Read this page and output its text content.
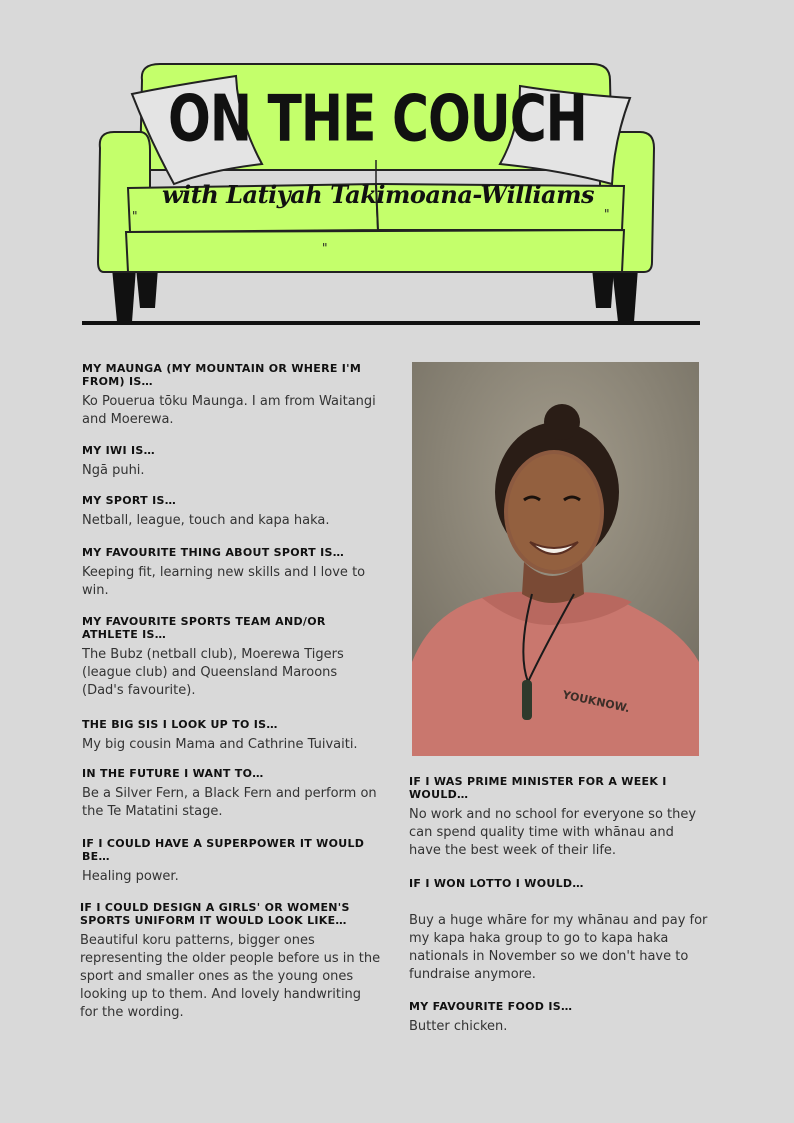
"	"
"
ON THE COUCH
with Latiyah Takimoana-Williams

MY MAUNGA (MY MOUNTAIN OR WHERE I'M FROM) IS…

Ko Pouerua tōku Maunga. I am from Waitangi and Moerewa.

MY IWI IS…

Ngā puhi.

MY SPORT IS…

Netball, league, touch and kapa haka.

MY FAVOURITE THING ABOUT SPORT IS…

Keeping fit, learning new skills and I love to win.

MY FAVOURITE SPORTS TEAM AND/OR ATHLETE IS…

The Bubz (netball club), Moerewa Tigers (league club) and Queensland Maroons (Dad's favourite).

THE BIG SIS I LOOK UP TO IS…

My big cousin Mama and Cathrine Tuivaiti.

IN THE FUTURE I WANT TO…

Be a Silver Fern, a Black Fern and perform on the Te Matatini stage.

IF I COULD HAVE A SUPERPOWER IT WOULD BE…

Healing power.

IF I COULD DESIGN A GIRLS' OR WOMEN'S SPORTS UNIFORM IT WOULD LOOK LIKE…

Beautiful koru patterns, bigger ones representing the older people before us in the sport and smaller ones as the young ones looking up to them. And lovely handwriting for the wording.

YOUKNOW.

IF I WAS PRIME MINISTER FOR A WEEK I WOULD…

No work and no school for everyone so they can spend quality time with whānau and have the best week of their life.

IF I WON LOTTO I WOULD…

Buy a huge whāre for my whānau and pay for my kapa haka group to go to kapa haka nationals in November so we don't have to fundraise anymore.

MY FAVOURITE FOOD IS…

Butter chicken.
